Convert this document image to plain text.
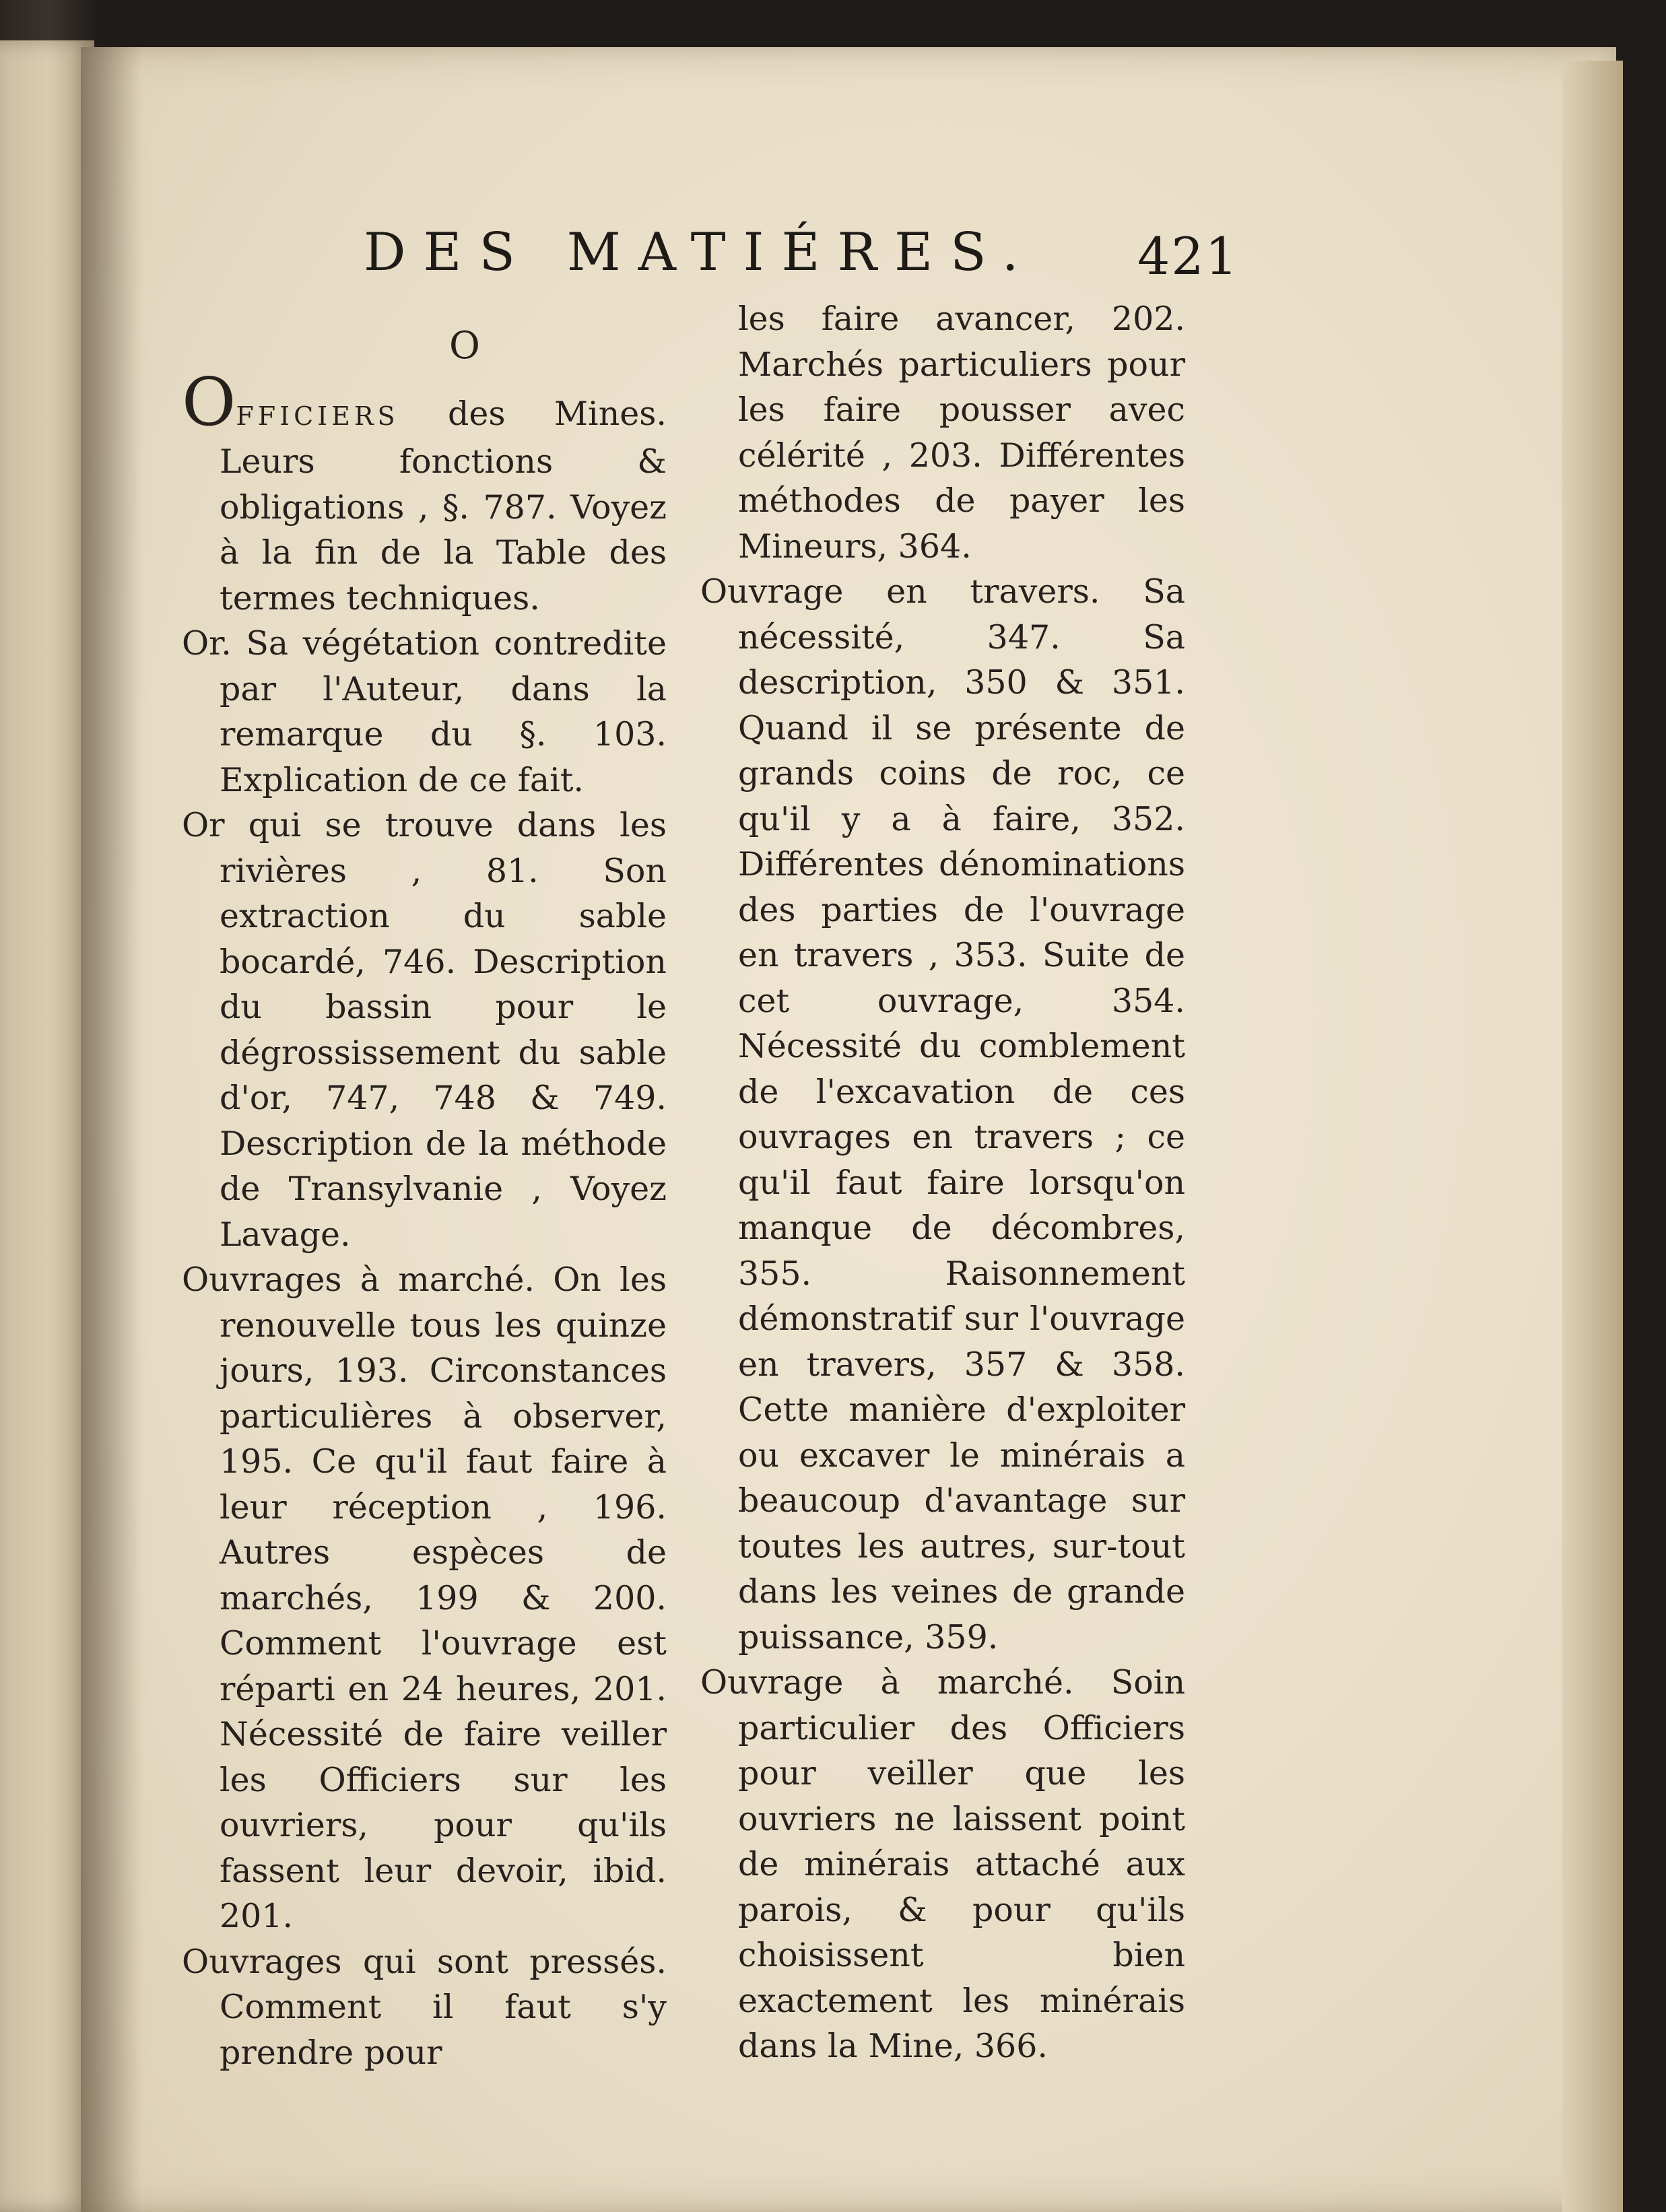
DES MATIÉRES. 421
O

OFFICIERS des Mines. Leurs fonctions & obligations , §. 787. Voyez à la fin de la Table des termes techniques.

Or. Sa végétation contredite par l'Auteur, dans la remarque du §. 103. Explication de ce fait.

Or qui se trouve dans les rivières , 81. Son extraction du sable bocardé, 746. Description du bassin pour le dégrossissement du sable d'or, 747, 748 & 749. Description de la méthode de Transylvanie , Voyez Lavage.

Ouvrages à marché. On les renouvelle tous les quinze jours, 193. Circonstances particulières à observer, 195. Ce qu'il faut faire à leur réception , 196. Autres espèces de marchés, 199 & 200. Comment l'ouvrage est réparti en 24 heures, 201. Nécessité de faire veiller les Officiers sur les ouvriers, pour qu'ils fassent leur devoir, ibid. 201.

Ouvrages qui sont pressés. Comment il faut s'y prendre pour

les faire avancer, 202. Marchés particuliers pour les faire pousser avec célérité , 203. Différentes méthodes de payer les Mineurs, 364.

Ouvrage en travers. Sa nécessité, 347. Sa description, 350 & 351. Quand il se présente de grands coins de roc, ce qu'il y a à faire, 352. Différentes dénominations des parties de l'ouvrage en travers , 353. Suite de cet ouvrage, 354. Nécessité du comblement de l'excavation de ces ouvrages en travers ; ce qu'il faut faire lorsqu'on manque de décombres, 355. Raisonnement démonstratif sur l'ouvrage en travers, 357 & 358. Cette manière d'exploiter ou excaver le minérais a beaucoup d'avantage sur toutes les autres, sur-tout dans les veines de grande puissance, 359.

Ouvrage à marché. Soin particulier des Officiers pour veiller que les ouvriers ne laissent point de minérais attaché aux parois, & pour qu'ils choisissent bien exactement les minérais dans la Mine, 366.
